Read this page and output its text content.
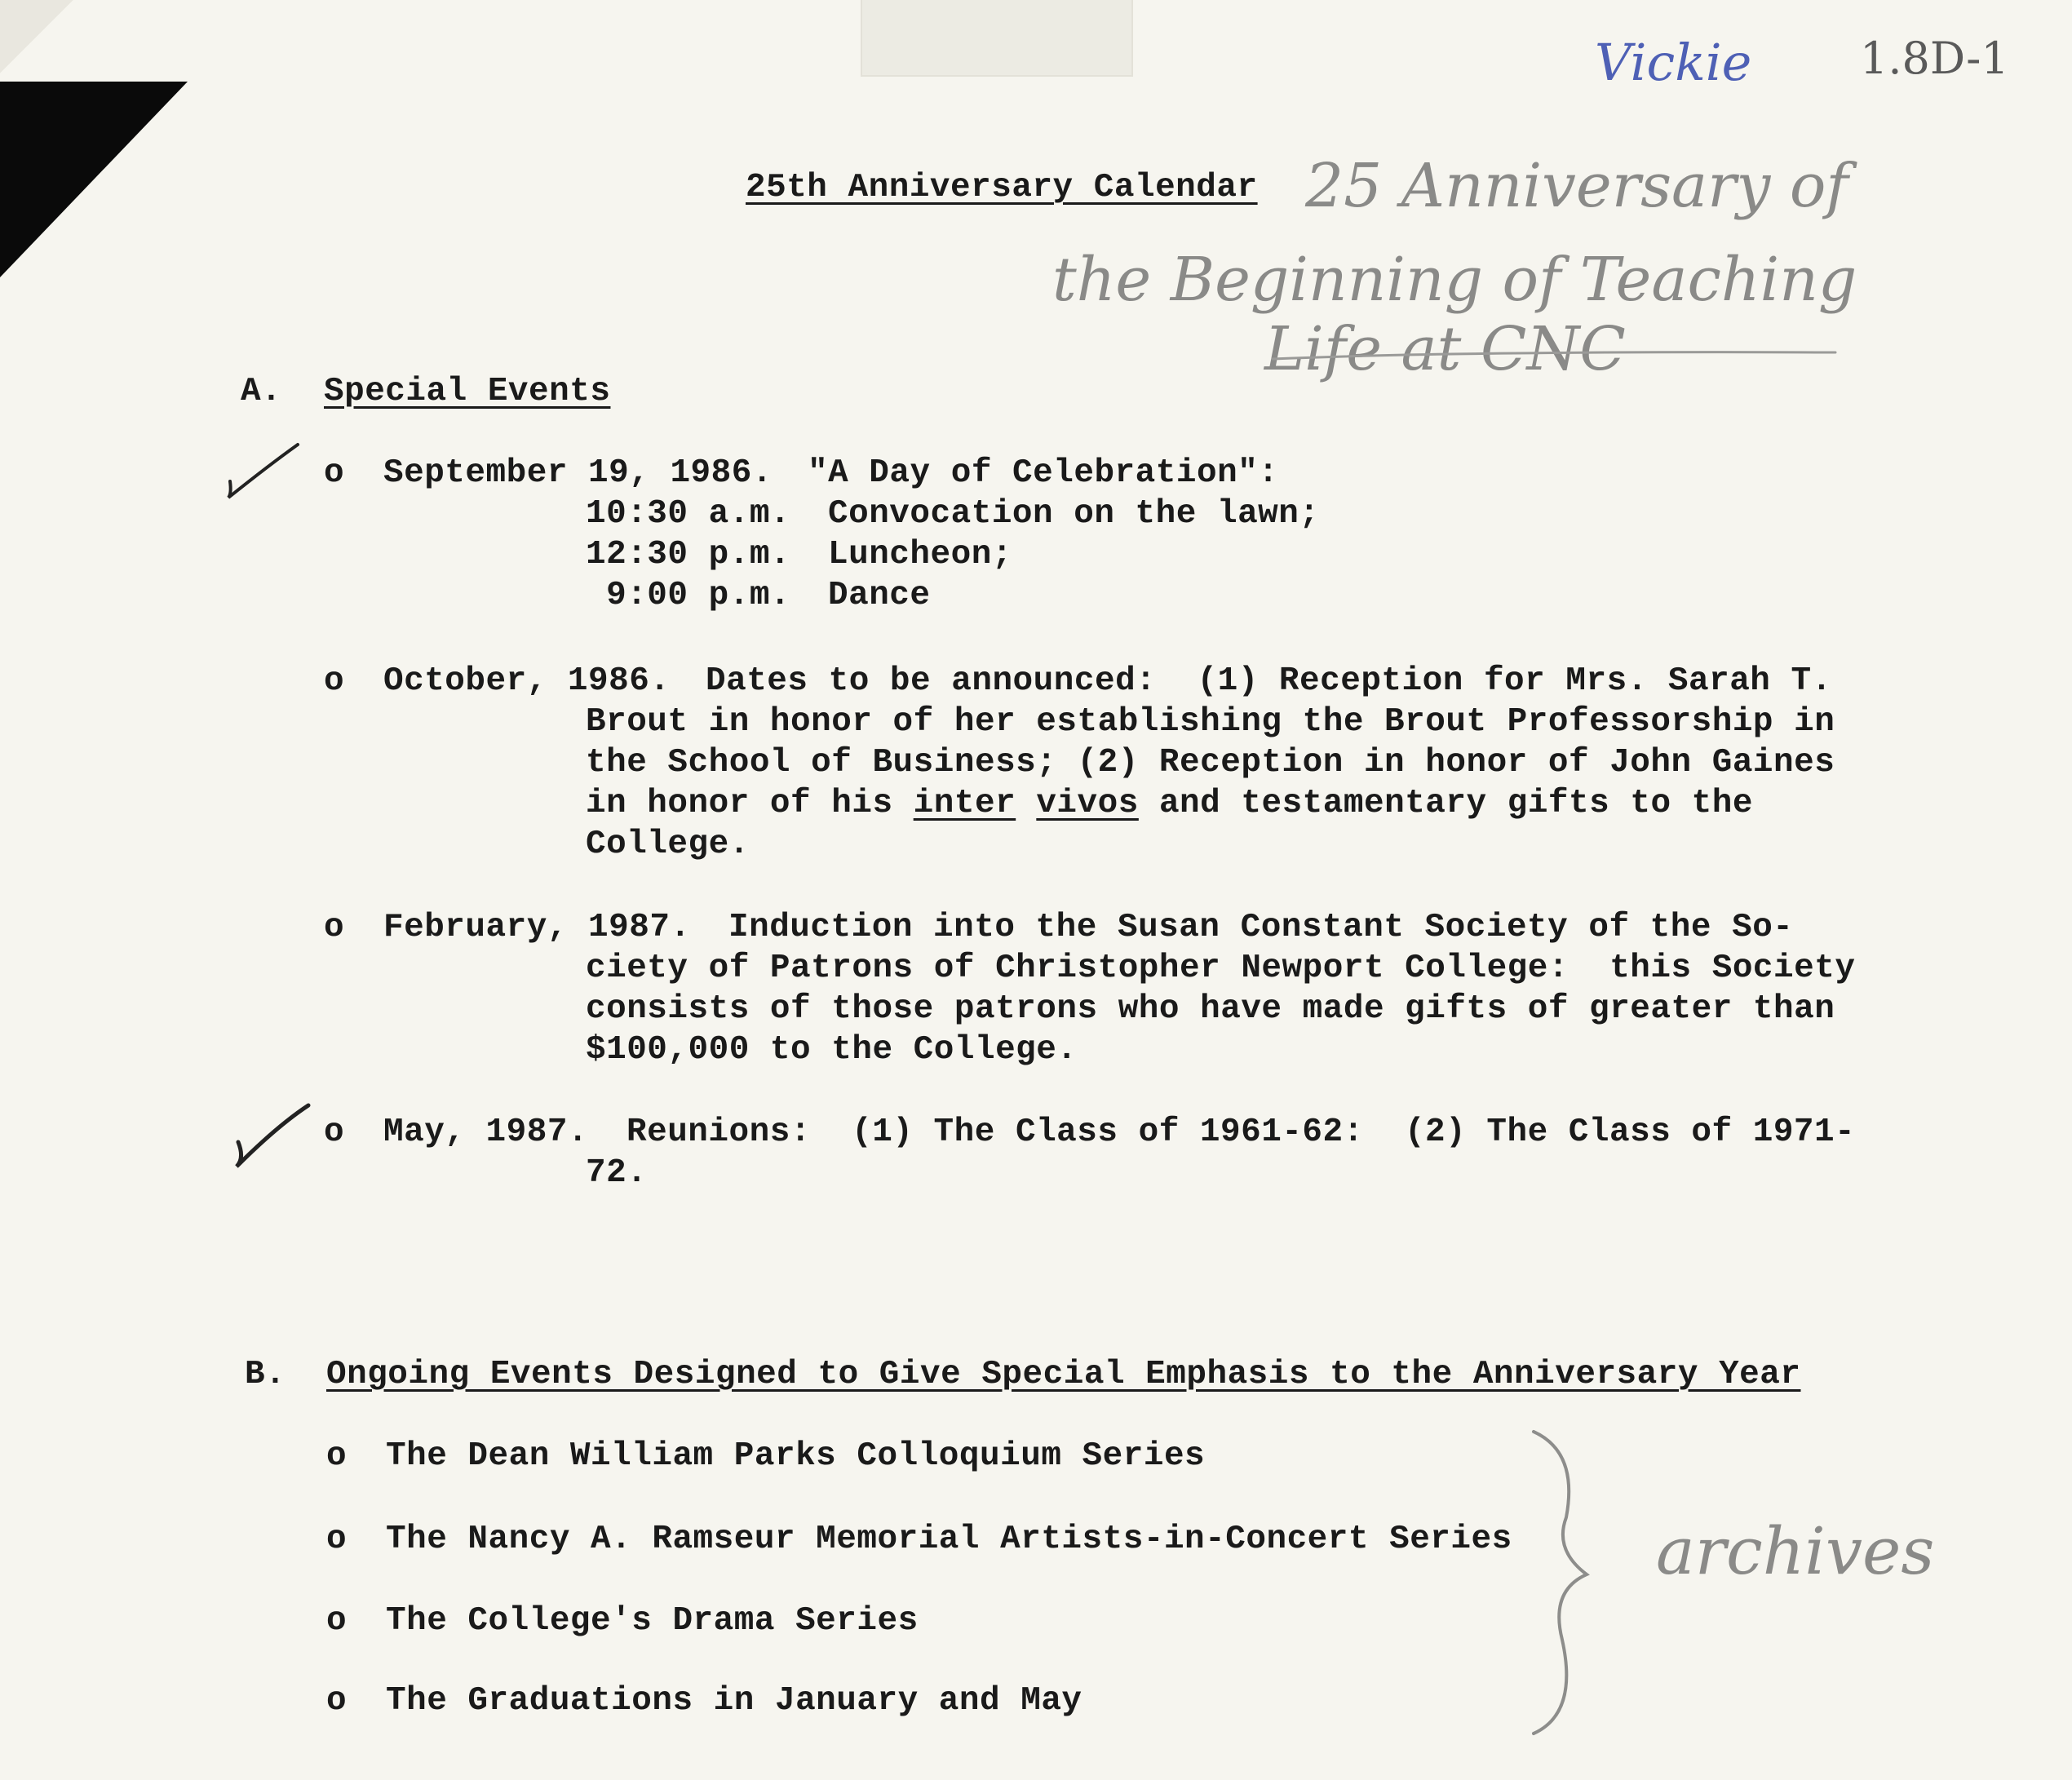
Vickie 1.8D-1

25 Anniversary of

the Beginning of Teaching

Life at CNC

archives

25th Anniversary Calendar

A. Special Events

o September 19, 1986. "A Day of Celebration":

10:30 a.m. Convocation on the lawn;

12:30 p.m. Luncheon;

9:00 p.m. Dance

o October, 1986. Dates to be announced:  (1) Reception for Mrs. Sarah T.

Brout in honor of her establishing the Brout Professorship in

the School of Business; (2) Reception in honor of John Gaines

in honor of his inter vivos and testamentary gifts to the

College.

o February, 1987. Induction into the Susan Constant Society of the So-

ciety of Patrons of Christopher Newport College:  this Society

consists of those patrons who have made gifts of greater than

$100,000 to the College.

o May, 1987. Reunions:  (1) The Class of 1961-62:  (2) The Class of 1971-

72.

B. Ongoing Events Designed to Give Special Emphasis to the Anniversary Year

o The Dean William Parks Colloquium Series

o The Nancy A. Ramseur Memorial Artists-in-Concert Series

o The College's Drama Series

o The Graduations in January and May
